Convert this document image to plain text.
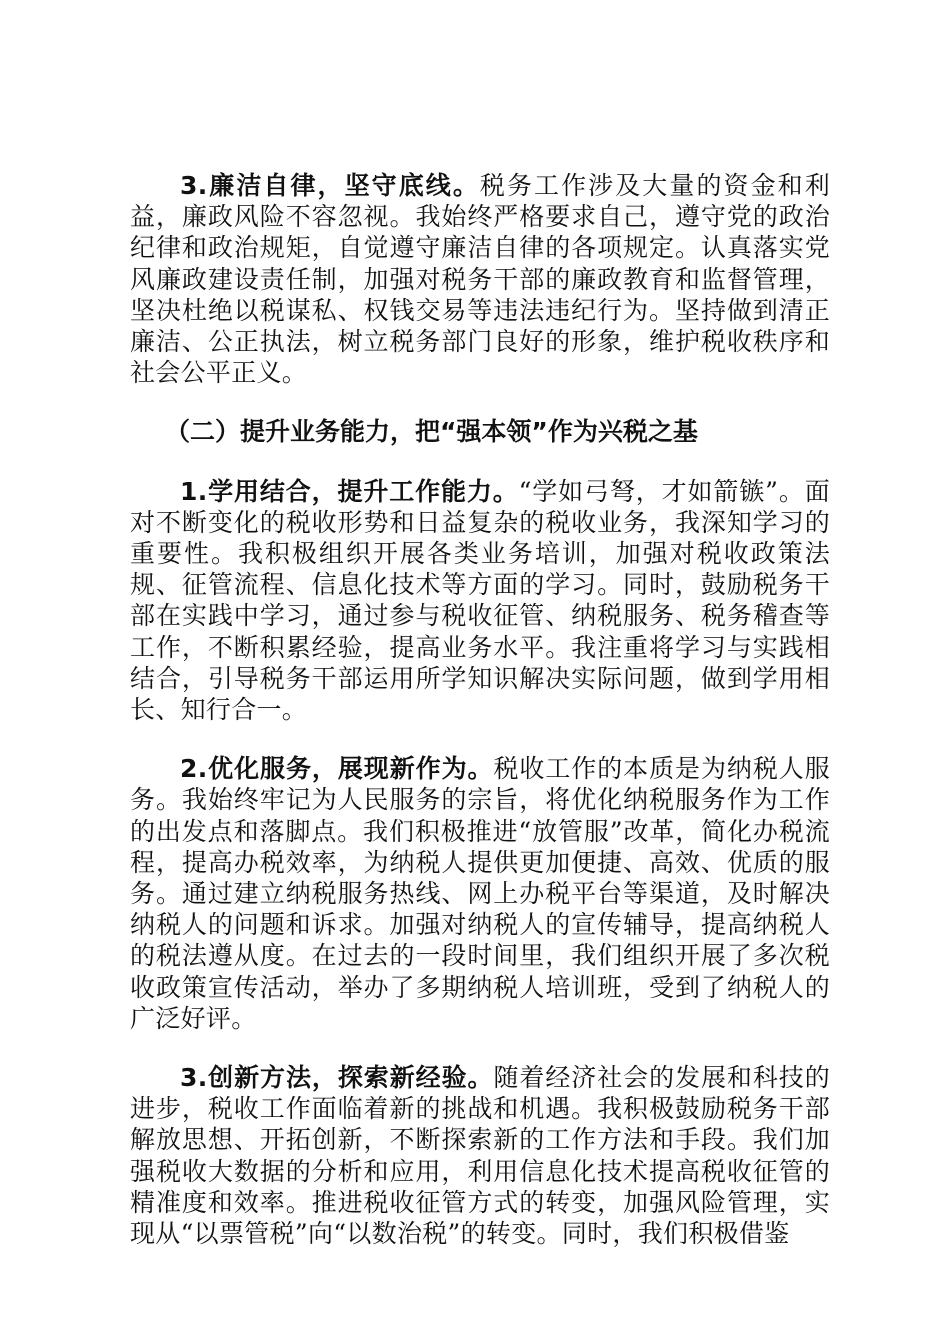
3.廉洁自律，坚守底线。税务工作涉及大量的资金和利益，廉政风险不容忽视。我始终严格要求自己，遵守党的政治纪律和政治规矩，自觉遵守廉洁自律的各项规定。认真落实党风廉政建设责任制，加强对税务干部的廉政教育和监督管理，坚决杜绝以税谋私、权钱交易等违法违纪行为。坚持做到清正廉洁、公正执法，树立税务部门良好的形象，维护税收秩序和社会公平正义。

（二）提升业务能力，把“强本领”作为兴税之基

1.学用结合，提升工作能力。“学如弓弩，才如箭镞”。面对不断变化的税收形势和日益复杂的税收业务，我深知学习的重要性。我积极组织开展各类业务培训，加强对税收政策法规、征管流程、信息化技术等方面的学习。同时，鼓励税务干部在实践中学习，通过参与税收征管、纳税服务、税务稽查等工作，不断积累经验，提高业务水平。我注重将学习与实践相结合，引导税务干部运用所学知识解决实际问题，做到学用相长、知行合一。

2.优化服务，展现新作为。税收工作的本质是为纳税人服务。我始终牢记为人民服务的宗旨，将优化纳税服务作为工作的出发点和落脚点。我们积极推进“放管服”改革，简化办税流程，提高办税效率，为纳税人提供更加便捷、高效、优质的服务。通过建立纳税服务热线、网上办税平台等渠道，及时解决纳税人的问题和诉求。加强对纳税人的宣传辅导，提高纳税人的税法遵从度。在过去的一段时间里，我们组织开展了多次税收政策宣传活动，举办了多期纳税人培训班，受到了纳税人的广泛好评。

3.创新方法，探索新经验。随着经济社会的发展和科技的进步，税收工作面临着新的挑战和机遇。我积极鼓励税务干部解放思想、开拓创新，不断探索新的工作方法和手段。我们加强税收大数据的分析和应用，利用信息化技术提高税收征管的精准度和效率。推进税收征管方式的转变，加强风险管理，实现从“以票管税”向“以数治税”的转变。同时，我们积极借鉴
